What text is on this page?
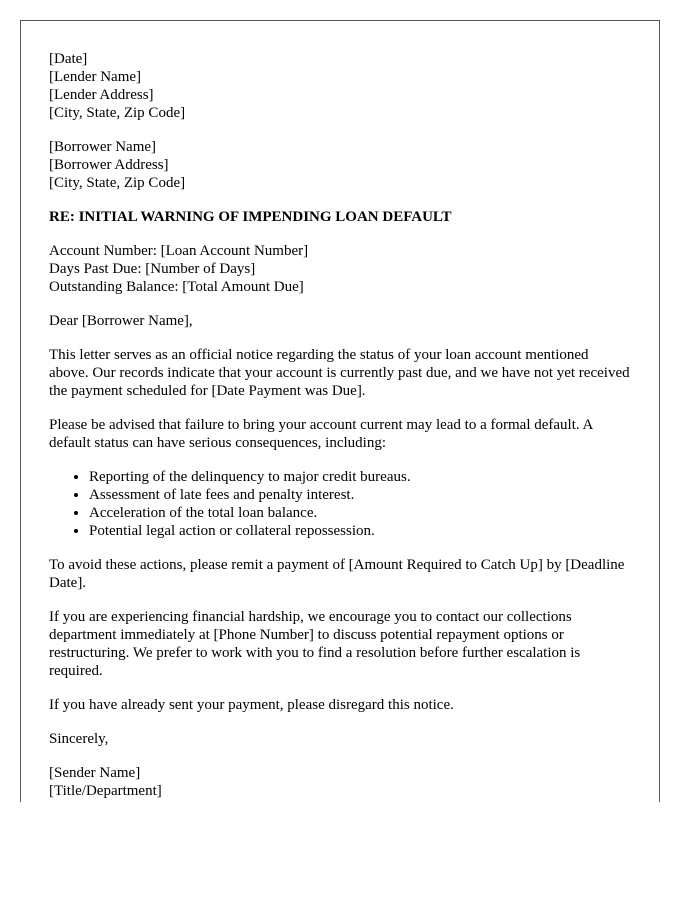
[Date]
[Lender Name]
[Lender Address]
[City, State, Zip Code]
[Borrower Name]
[Borrower Address]
[City, State, Zip Code]
RE: INITIAL WARNING OF IMPENDING LOAN DEFAULT
Account Number: [Loan Account Number]
Days Past Due: [Number of Days]
Outstanding Balance: [Total Amount Due]

Dear [Borrower Name],

This letter serves as an official notice regarding the status of your loan account mentioned above. Our records indicate that your account is currently past due, and we have not yet received the payment scheduled for [Date Payment was Due].

Please be advised that failure to bring your account current may lead to a formal default. A default status can have serious consequences, including:

• Reporting of the delinquency to major credit bureaus.
• Assessment of late fees and penalty interest.
• Acceleration of the total loan balance.
• Potential legal action or collateral repossession.

To avoid these actions, please remit a payment of [Amount Required to Catch Up] by [Deadline Date].

If you are experiencing financial hardship, we encourage you to contact our collections department immediately at [Phone Number] to discuss potential repayment options or restructuring. We prefer to work with you to find a resolution before further escalation is required.

If you have already sent your payment, please disregard this notice.

Sincerely,

[Sender Name]
[Title/Department]
